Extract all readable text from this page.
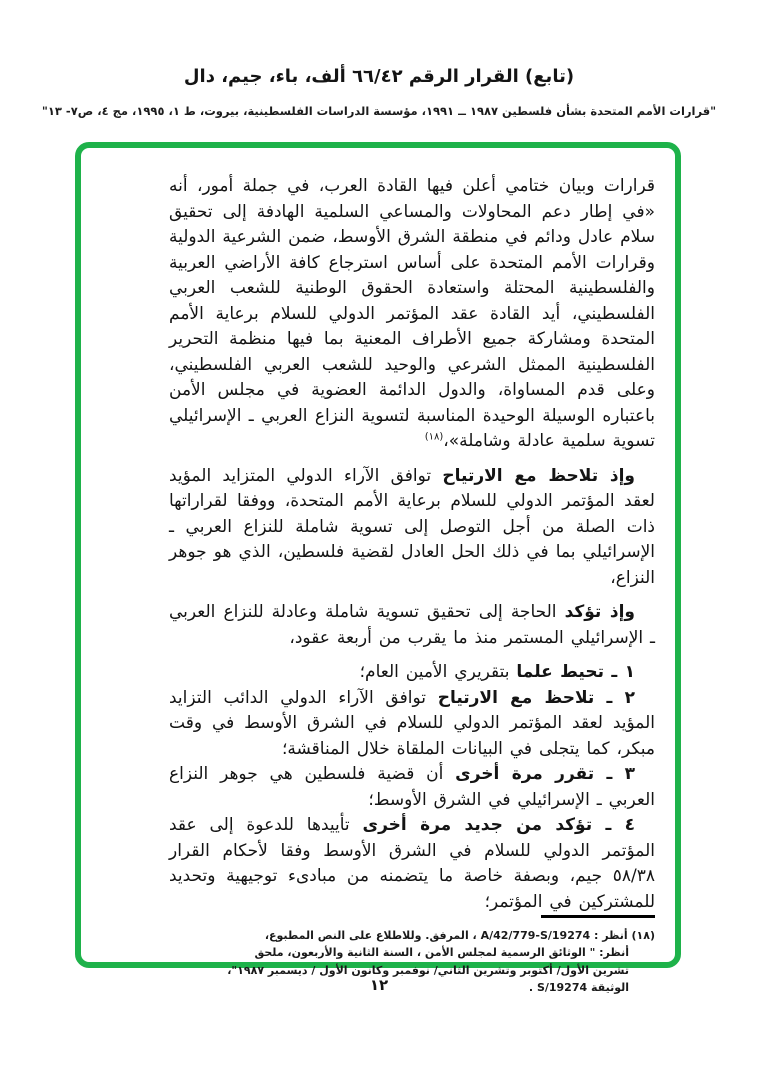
(تابع) القرار الرقم ٦٦/٤٢ ألف، باء، جيم، دال
"قرارات الأمم المتحدة بشأن فلسطين ١٩٨٧ ــ ١٩٩١، مؤسسة الدراسات الفلسطينية، بيروت، ط ١، ١٩٩٥، مج ٤، ص٧- ١٣"

قرارات وبيان ختامي أعلن فيها القادة العرب، في جملة أمور، أنه «في إطار دعم المحاولات والمساعي السلمية الهادفة إلى تحقيق سلام عادل ودائم في منطقة الشرق الأوسط، ضمن الشرعية الدولية وقرارات الأمم المتحدة على أساس استرجاع كافة الأراضي العربية والفلسطينية المحتلة واستعادة الحقوق الوطنية للشعب العربي الفلسطيني، أيد القادة عقد المؤتمر الدولي للسلام برعاية الأمم المتحدة ومشاركة جميع الأطراف المعنية بما فيها منظمة التحرير الفلسطينية الممثل الشرعي والوحيد للشعب العربي الفلسطيني، وعلى قدم المساواة، والدول الدائمة العضوية في مجلس الأمن باعتباره الوسيلة الوحيدة المناسبة لتسوية النزاع العربي ـ الإسرائيلي تسوية سلمية عادلة وشاملة»،$^{(١٨)}$

وإذ تلاحظ مع الارتياح توافق الآراء الدولي المتزايد المؤيد لعقد المؤتمر الدولي للسلام برعاية الأمم المتحدة، ووفقا لقراراتها ذات الصلة من أجل التوصل إلى تسوية شاملة للنزاع العربي ـ الإسرائيلي بما في ذلك الحل العادل لقضية فلسطين، الذي هو جوهر النزاع،

وإذ تؤكد الحاجة إلى تحقيق تسوية شاملة وعادلة للنزاع العربي ـ الإسرائيلي المستمر منذ ما يقرب من أربعة عقود،

١ ـ تحيط علما بتقريري الأمين العام؛

٢ ـ تلاحظ مع الارتياح توافق الآراء الدولي الدائب التزايد المؤيد لعقد المؤتمر الدولي للسلام في الشرق الأوسط في وقت مبكر، كما يتجلى في البيانات الملقاة خلال المناقشة؛

٣ ـ تقرر مرة أخرى أن قضية فلسطين هي جوهر النزاع العربي ـ الإسرائيلي في الشرق الأوسط؛

٤ ـ تؤكد من جديد مرة أخرى تأييدها للدعوة إلى عقد المؤتمر الدولي للسلام في الشرق الأوسط وفقا لأحكام القرار ٥٨/٣٨ جيم، وبصفة خاصة ما يتضمنه من مبادىء توجيهية وتحديد للمشتركين في المؤتمر؛

(١٨) أنظر : ⁦A/42/779-S/19274⁩ ، المرفق. وللاطلاع على النص المطبوع،
أنظر: " الوثائق الرسمية لمجلس الأمن ، السنة الثانية والأربعون، ملحق
تشرين الأول/ أكتوبر وتشرين الثاني/ نوفمبر وكانون الأول / ديسمبر ١٩٨٧"،
الوثيقة ⁦S/19274⁩ .
١٢
